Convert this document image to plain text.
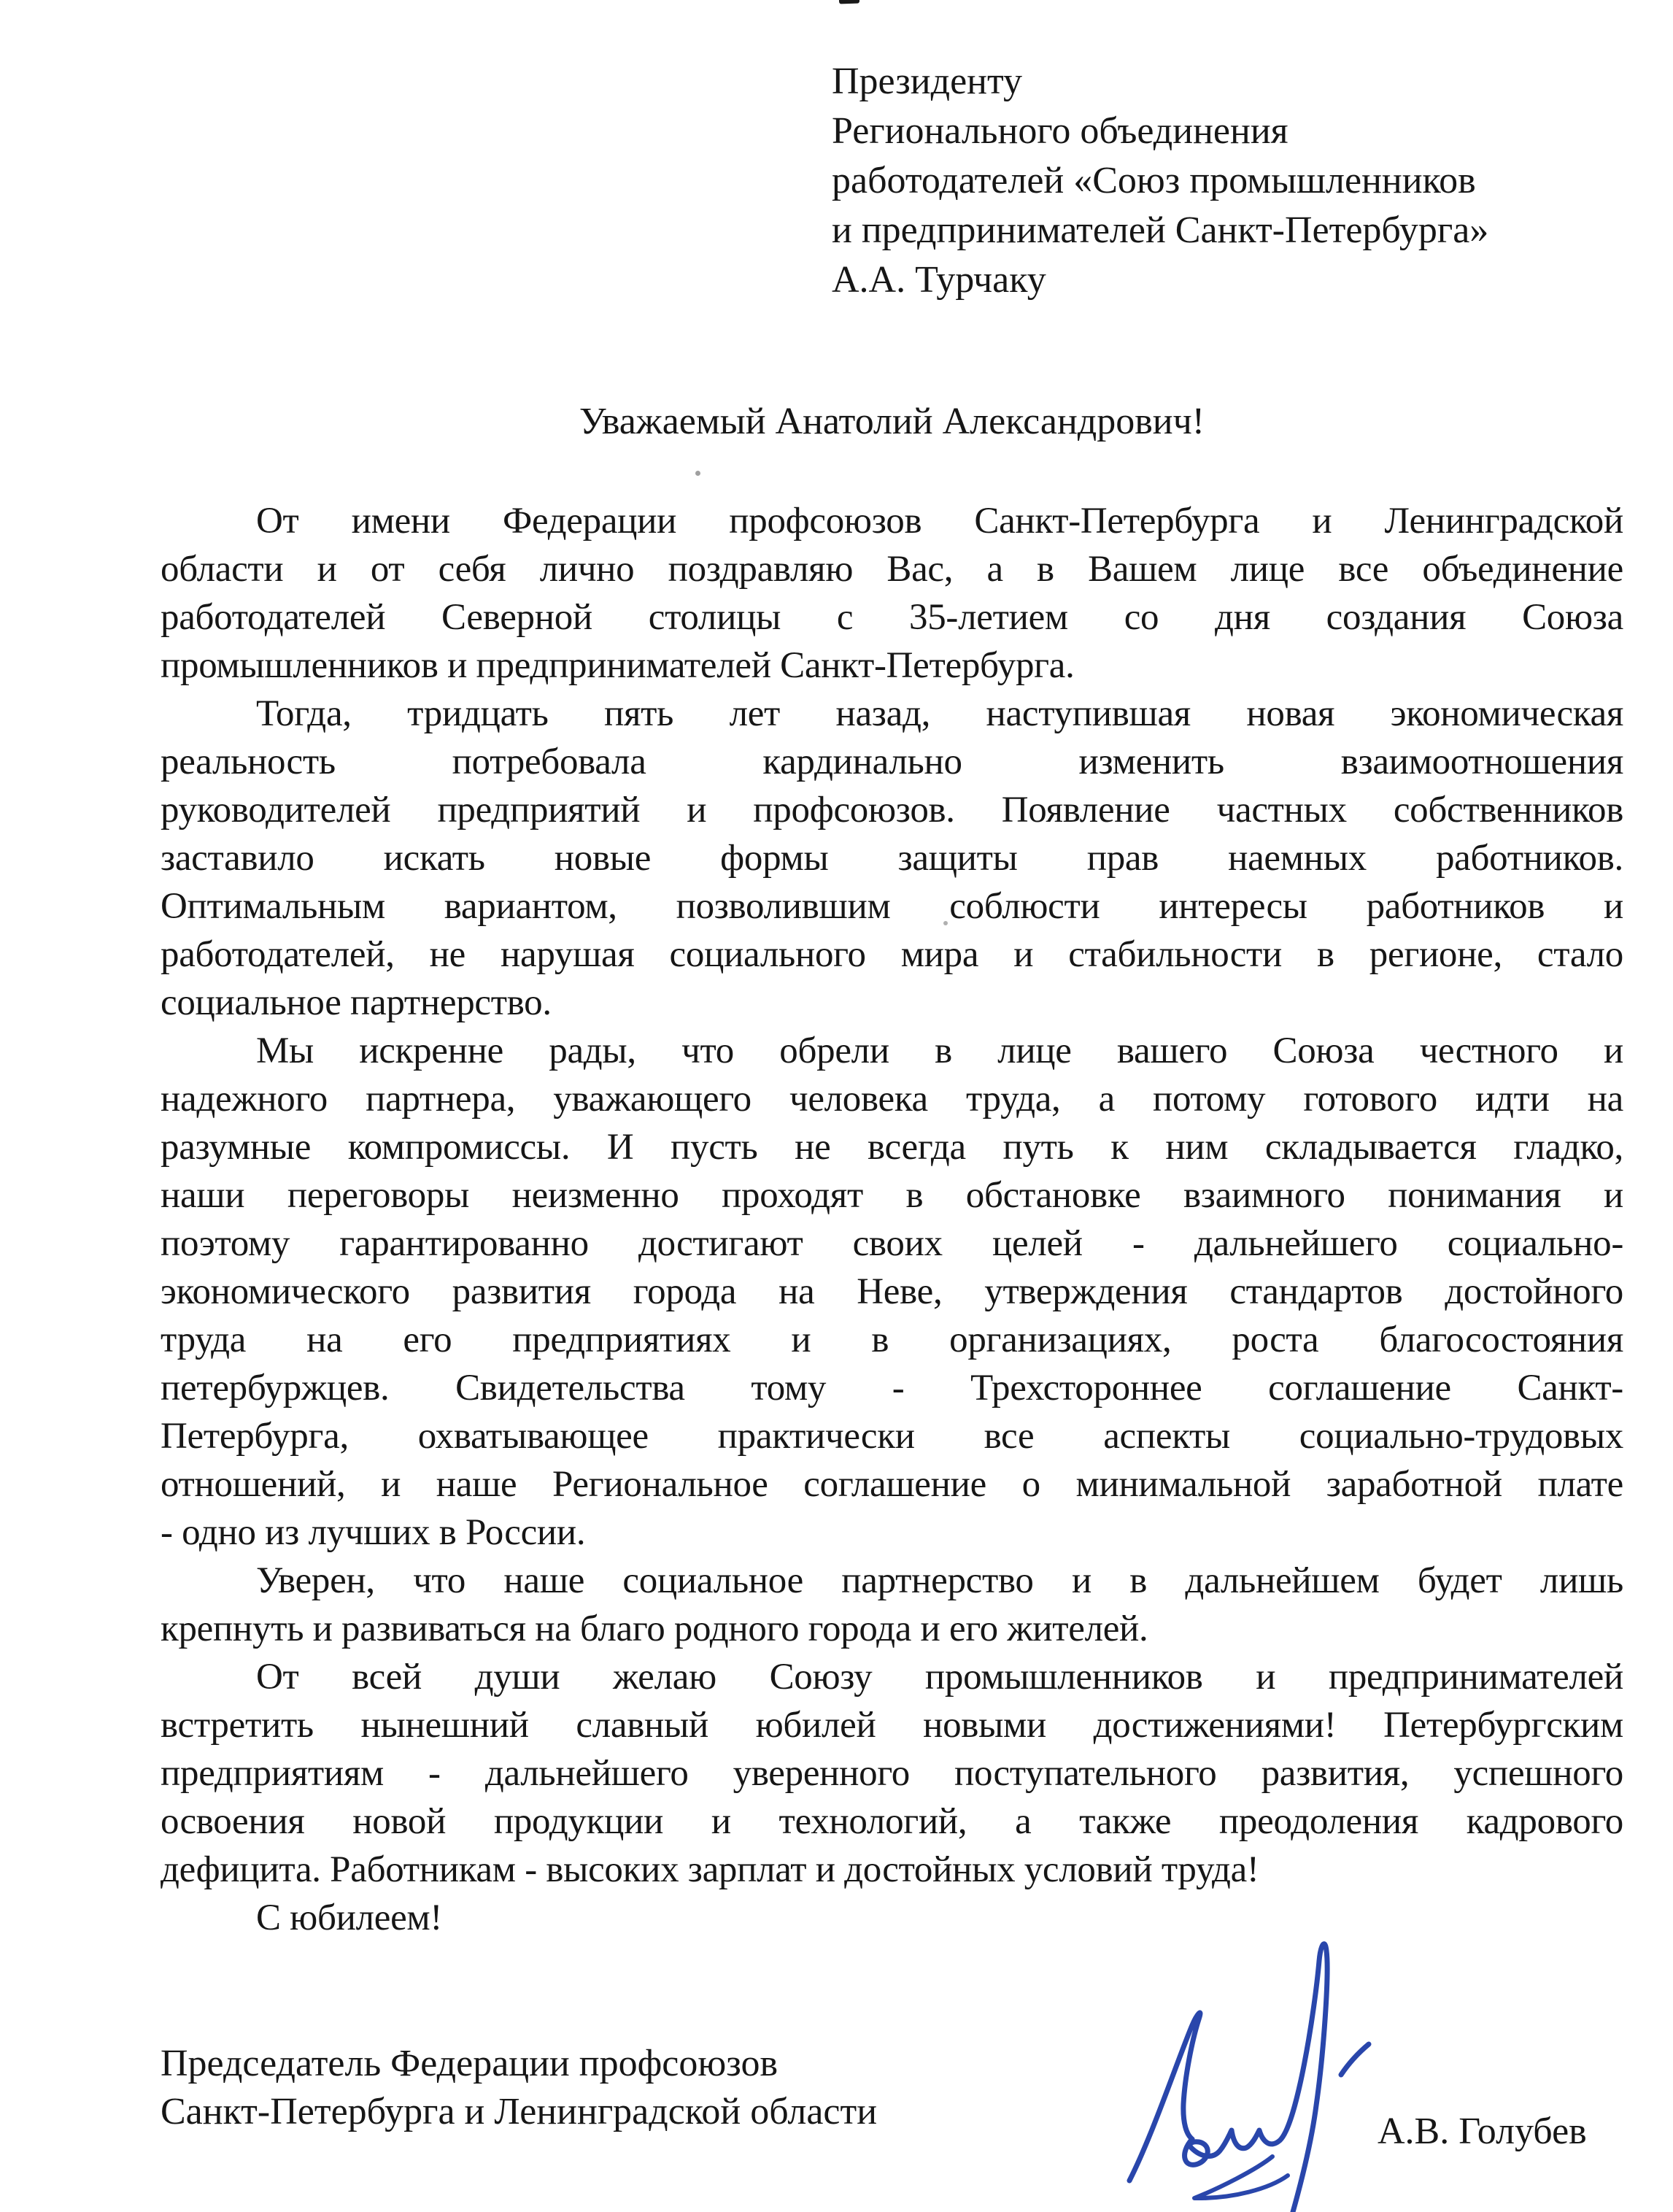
Президенту
Регионального объединения
работодателей «Союз промышленников
и предпринимателей Санкт-Петербурга»
А.А. Турчаку
Уважаемый Анатолий Александрович!
От имени Федерации профсоюзов Санкт-Петербурга и Ленинградской
области и от себя лично поздравляю Вас, а в Вашем лице все объединение
работодателей Северной столицы с 35-летием со дня создания Союза
промышленников и предпринимателей Санкт-Петербурга.
Тогда, тридцать пять лет назад, наступившая новая экономическая
реальность потребовала кардинально изменить взаимоотношения
руководителей предприятий и профсоюзов. Появление частных собственников
заставило искать новые формы защиты прав наемных работников.
Оптимальным вариантом, позволившим соблюсти интересы работников и
работодателей, не нарушая социального мира и стабильности в регионе, стало
социальное партнерство.
Мы искренне рады, что обрели в лице вашего Союза честного и
надежного партнера, уважающего человека труда, а потому готового идти на
разумные компромиссы. И пусть не всегда путь к ним складывается гладко,
наши переговоры неизменно проходят в обстановке взаимного понимания и
поэтому гарантированно достигают своих целей - дальнейшего социально-
экономического развития города на Неве, утверждения стандартов достойного
труда на его предприятиях и в организациях, роста благосостояния
петербуржцев. Свидетельства тому - Трехстороннее соглашение Санкт-
Петербурга, охватывающее практически все аспекты социально-трудовых
отношений, и наше Региональное соглашение о минимальной заработной плате
- одно из лучших в России.
Уверен, что наше социальное партнерство и в дальнейшем будет лишь
крепнуть и развиваться на благо родного города и его жителей.
От всей души желаю Союзу промышленников и предпринимателей
встретить нынешний славный юбилей новыми достижениями! Петербургским
предприятиям - дальнейшего уверенного поступательного развития, успешного
освоения новой продукции и технологий, а также преодоления кадрового
дефицита. Работникам - высоких зарплат и достойных условий труда!
С юбилеем!
Председатель Федерации профсоюзов
Санкт-Петербурга и Ленинградской области	А.В. Голубев
